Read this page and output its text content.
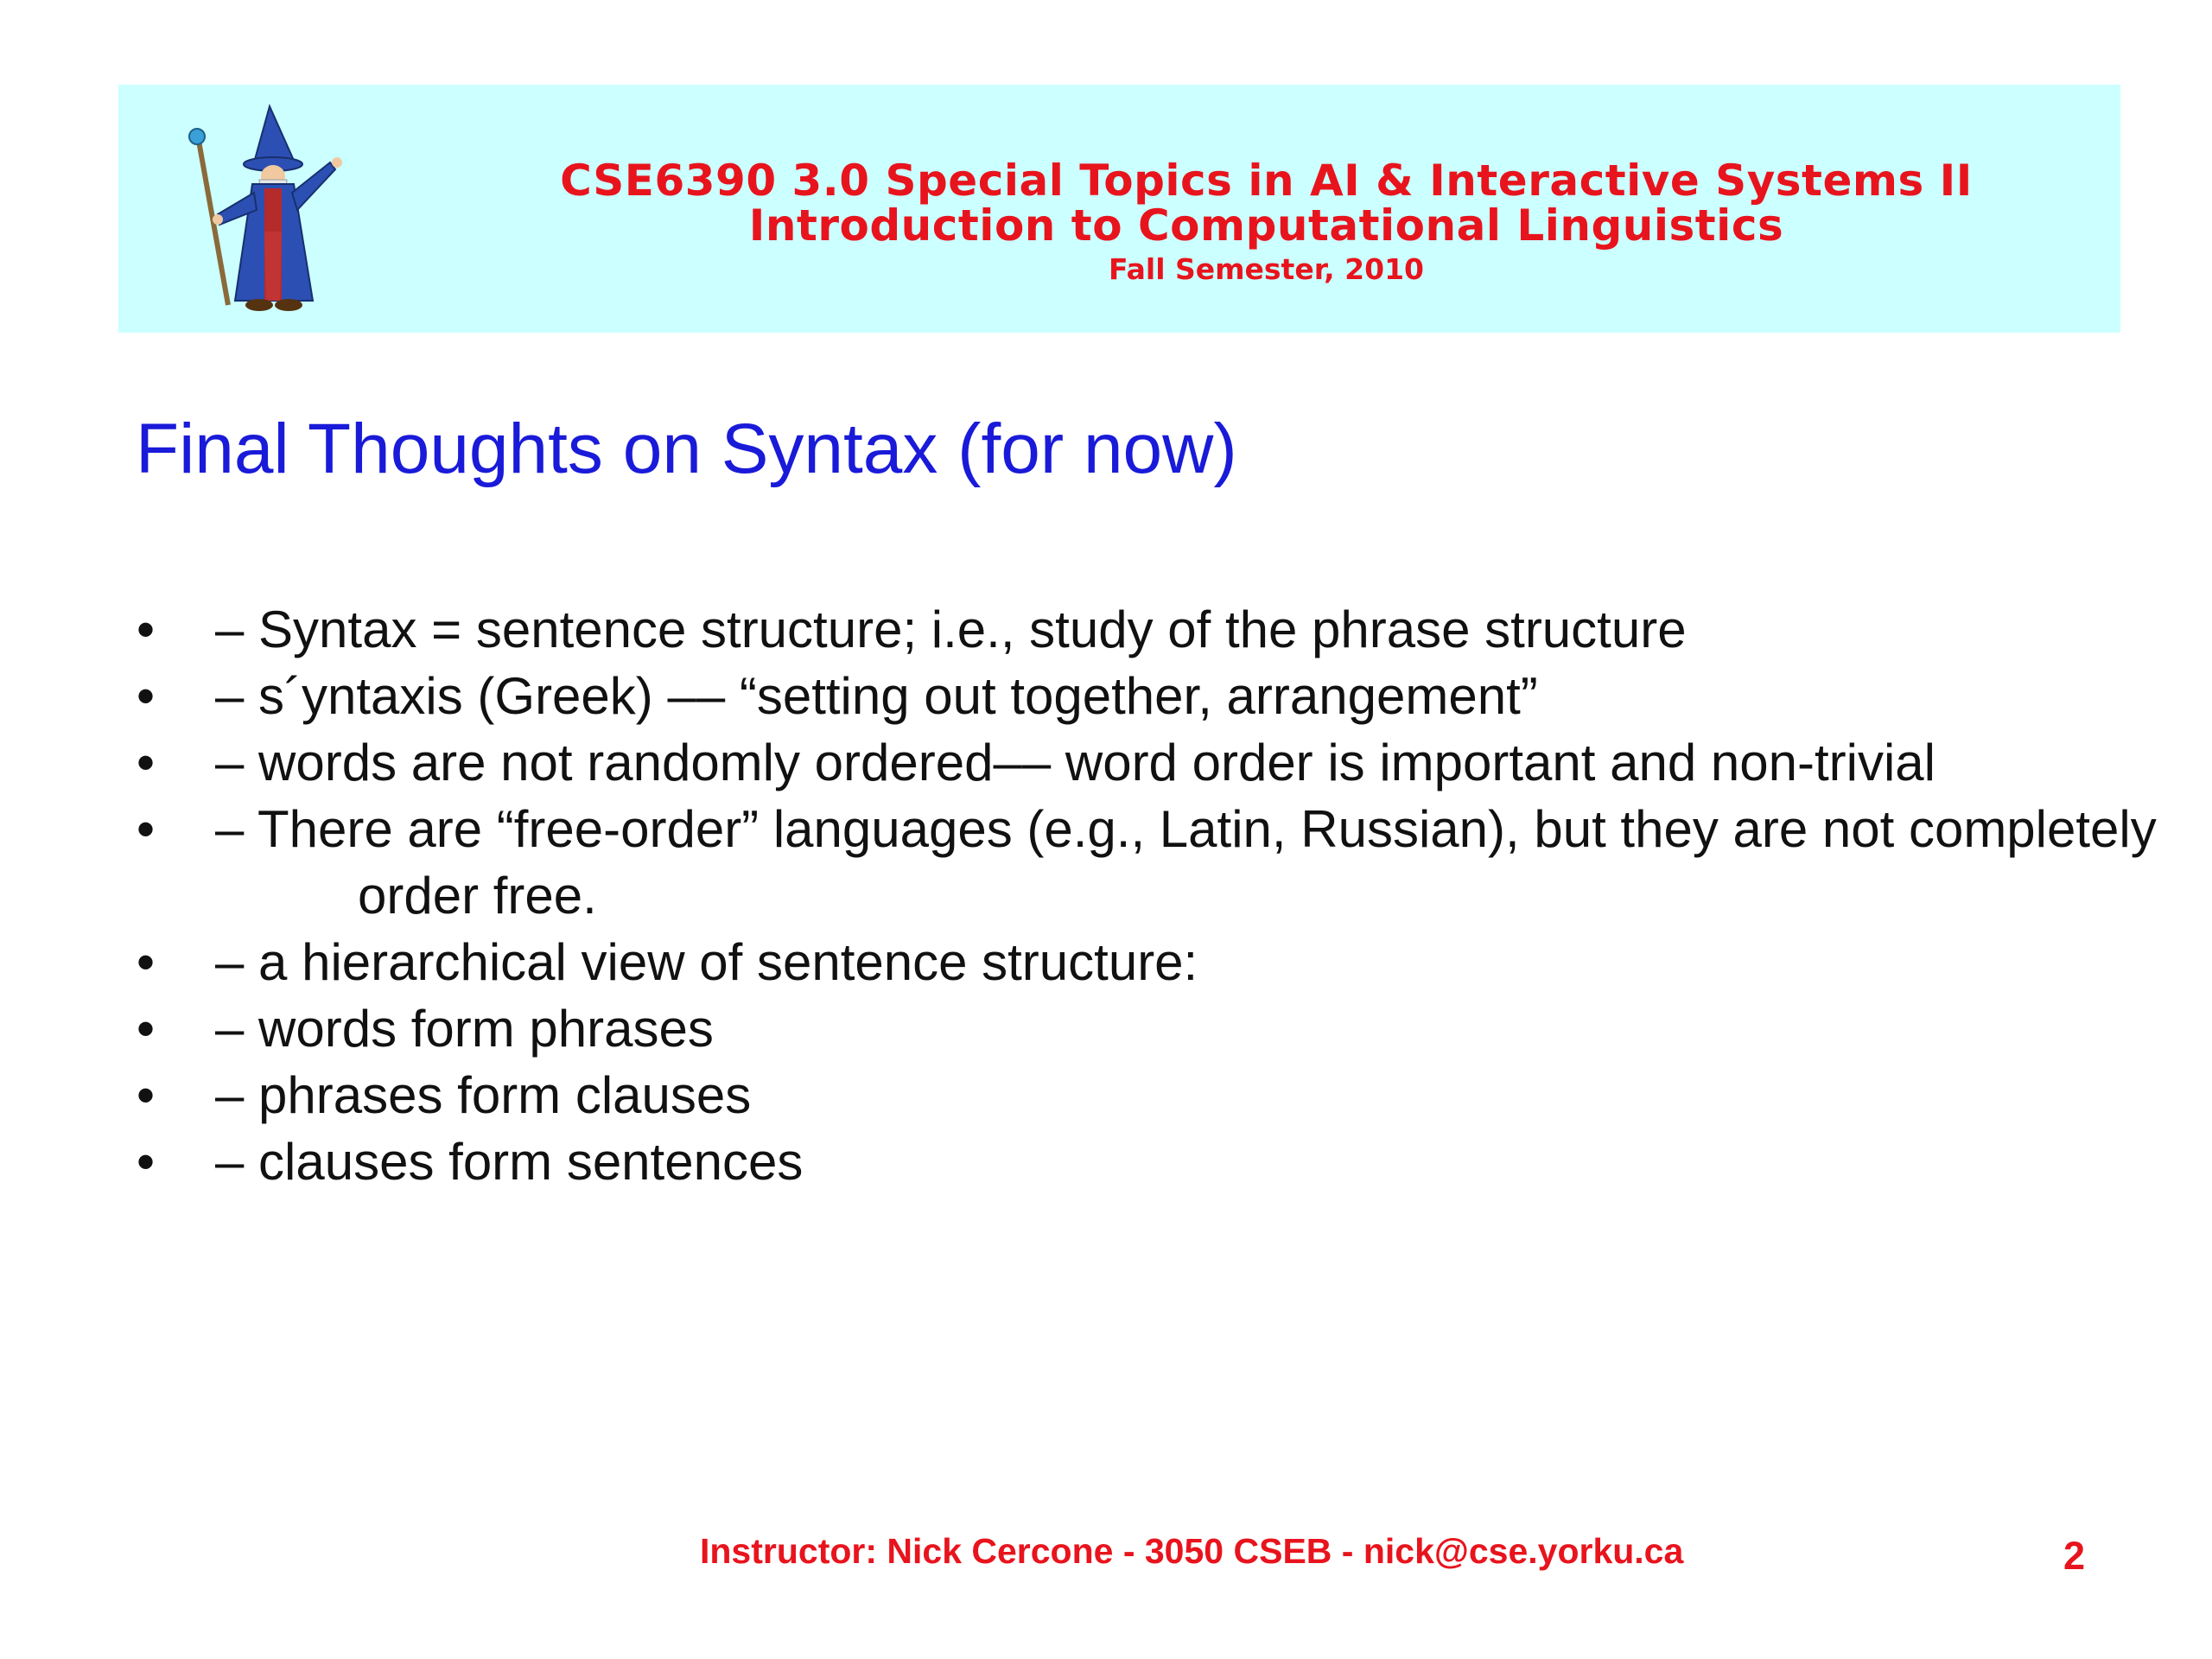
CSE6390 3.0 Special Topics in AI & Interactive Systems II
Introduction to Computational Linguistics
Fall Semester, 2010
Final Thoughts on Syntax (for now)
• – Syntax = sentence structure; i.e., study of the phrase structure
• – s´yntaxis (Greek) –– “setting out together, arrangement”
• – words are not randomly ordered–– word order is important and non-trivial
• – There are “free-order” languages (e.g., Latin, Russian), but they are not completely order free.
• – a hierarchical view of sentence structure:
• – words form phrases
• – phrases form clauses
• – clauses form sentences
Instructor: Nick Cercone - 3050 CSEB - nick@cse.yorku.ca	2
